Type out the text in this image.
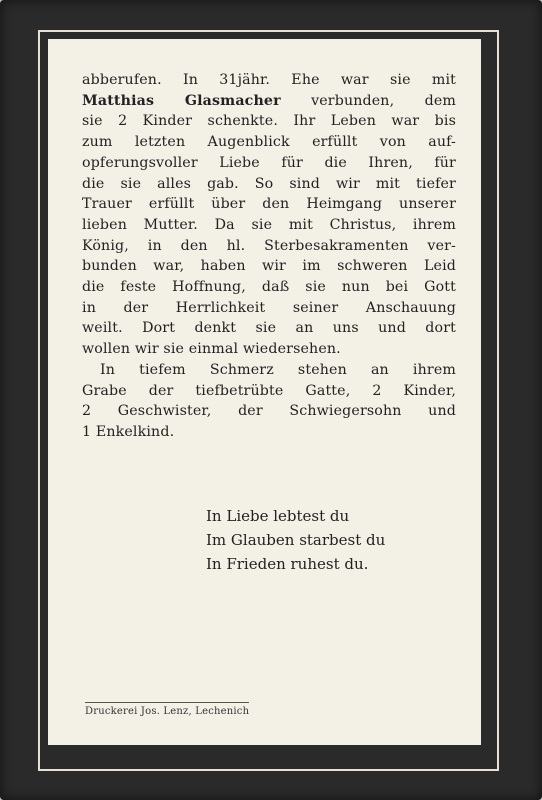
abberufen. In 31jähr. Ehe war sie mit
Matthias Glasmacher verbunden, dem
sie 2 Kinder schenkte. Ihr Leben war bis
zum letzten Augenblick erfüllt von auf-
opferungsvoller Liebe für die Ihren, für
die sie alles gab. So sind wir mit tiefer
Trauer erfüllt über den Heimgang unserer
lieben Mutter. Da sie mit Christus, ihrem
König, in den hl. Sterbesakramenten ver-
bunden war, haben wir im schweren Leid
die feste Hoffnung, daß sie nun bei Gott
in der Herrlichkeit seiner Anschauung
weilt. Dort denkt sie an uns und dort
wollen wir sie einmal wiedersehen.
In tiefem Schmerz stehen an ihrem
Grabe der tiefbetrübte Gatte, 2 Kinder,
2 Geschwister, der Schwiegersohn und
1 Enkelkind.
In Liebe lebtest du
Im Glauben starbest du
In Frieden ruhest du.
Druckerei Jos. Lenz, Lechenich
